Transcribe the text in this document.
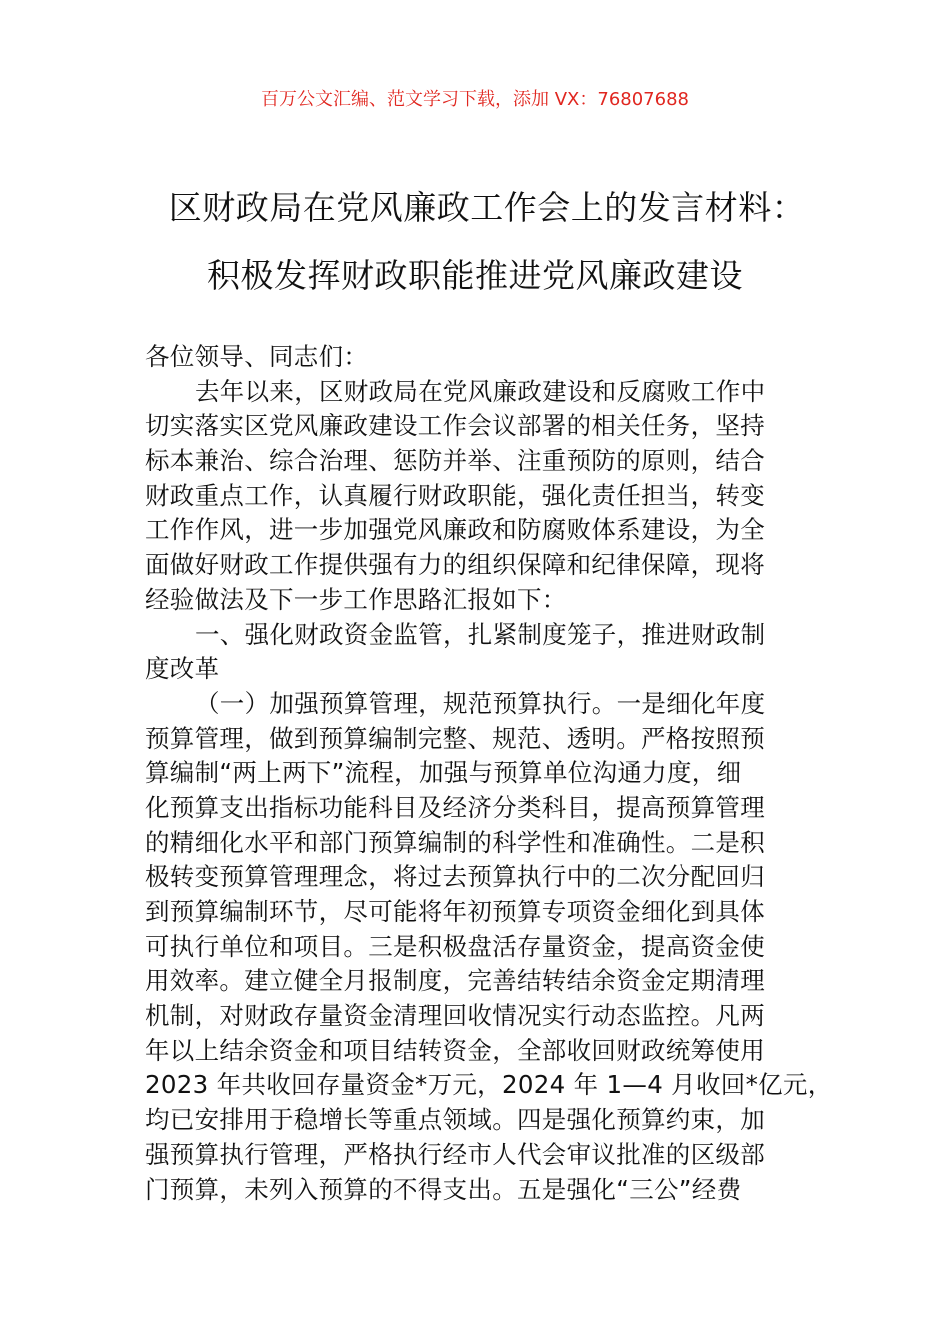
百万公文汇编、范文学习下载，添加 VX：76807688
区财政局在党风廉政工作会上的发言材料：
积极发挥财政职能推进党风廉政建设
各位领导、同志们：
去年以来，区财政局在党风廉政建设和反腐败工作中
切实落实区党风廉政建设工作会议部署的相关任务，坚持
标本兼治、综合治理、惩防并举、注重预防的原则，结合
财政重点工作，认真履行财政职能，强化责任担当，转变
工作作风，进一步加强党风廉政和防腐败体系建设，为全
面做好财政工作提供强有力的组织保障和纪律保障，现将
经验做法及下一步工作思路汇报如下：
一、强化财政资金监管，扎紧制度笼子，推进财政制
度改革
（一）加强预算管理，规范预算执行。一是细化年度
预算管理，做到预算编制完整、规范、透明。严格按照预
算编制“两上两下”流程，加强与预算单位沟通力度，细
化预算支出指标功能科目及经济分类科目，提高预算管理
的精细化水平和部门预算编制的科学性和准确性。二是积
极转变预算管理理念，将过去预算执行中的二次分配回归
到预算编制环节，尽可能将年初预算专项资金细化到具体
可执行单位和项目。三是积极盘活存量资金，提高资金使
用效率。建立健全月报制度，完善结转结余资金定期清理
机制，对财政存量资金清理回收情况实行动态监控。凡两
年以上结余资金和项目结转资金，全部收回财政统筹使用
2023 年共收回存量资金*万元，2024 年 1—4 月收回*亿元，
均已安排用于稳增长等重点领域。四是强化预算约束，加
强预算执行管理，严格执行经市人代会审议批准的区级部
门预算，未列入预算的不得支出。五是强化“三公”经费
